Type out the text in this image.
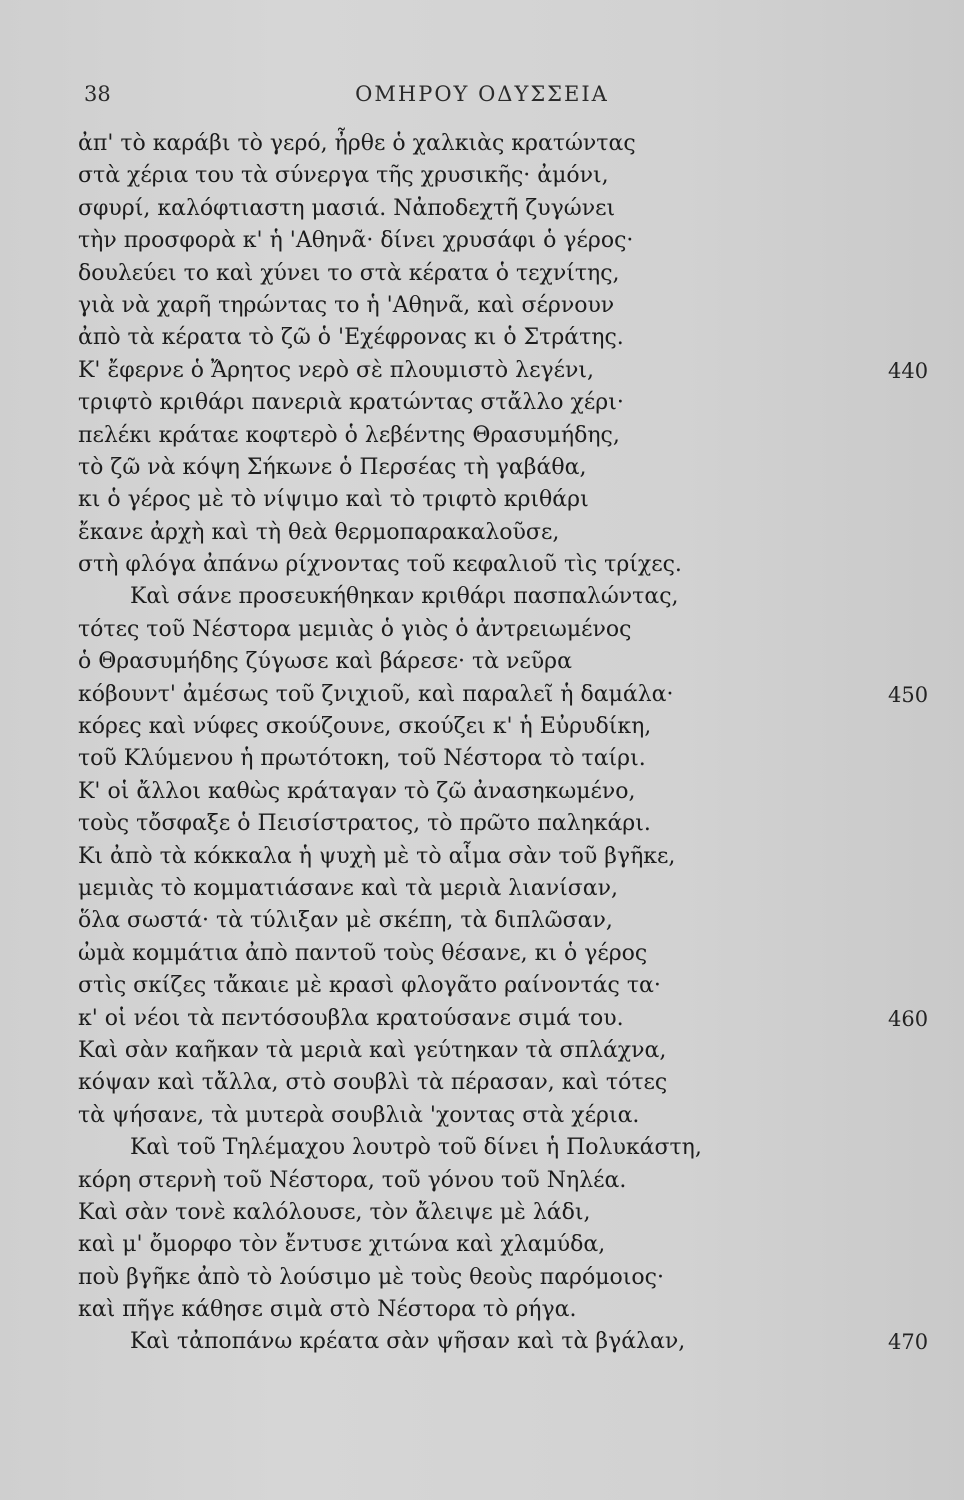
38	ΟΜΗΡΟΥ ΟΔΥΣΣΕΙΑ
ἀπ' τὸ καράβι τὸ γερό, ἦρθε ὁ χαλκιὰς κρατώντας
στὰ χέρια του τὰ σύνεργα τῆς χρυσικῆς· ἀμόνι,
σφυρί, καλόφτιαστη μασιά. Νἀποδεχτῆ ζυγώνει
τὴν προσφορὰ κ' ἡ 'Αθηνᾶ· δίνει χρυσάφι ὁ γέρος·
δουλεύει το καὶ χύνει το στὰ κέρατα ὁ τεχνίτης,
γιὰ νὰ χαρῆ τηρώντας το ἡ 'Αθηνᾶ, καὶ σέρνουν
ἀπὸ τὰ κέρατα τὸ ζῶ ὁ 'Εχέφρονας κι ὁ Στράτης.
Κ' ἔφερνε ὁ Ἄρητος νερὸ σὲ πλουμιστὸ λεγένι,	440
τριφτὸ κριθάρι πανεριὰ κρατώντας στἄλλο χέρι·
πελέκι κράταε κοφτερὸ ὁ λεβέντης Θρασυμήδης,
τὸ ζῶ νὰ κόψη Σήκωνε ὁ Περσέας τὴ γαβάθα,
κι ὁ γέρος μὲ τὸ νίψιμο καὶ τὸ τριφτὸ κριθάρι
ἔκανε ἀρχὴ καὶ τὴ θεὰ θερμοπαρακαλοῦσε,
στὴ φλόγα ἀπάνω ρίχνοντας τοῦ κεφαλιοῦ τὶς τρίχες.
Καὶ σάνε προσευκήθηκαν κριθάρι πασπαλώντας,
τότες τοῦ Νέστορα μεμιὰς ὁ γιὸς ὁ ἀντρειωμένος
ὁ Θρασυμήδης ζύγωσε καὶ βάρεσε· τὰ νεῦρα
κόβουντ' ἀμέσως τοῦ ζνιχιοῦ, καὶ παραλεῖ ἡ δαμάλα·	450
κόρες καὶ νύφες σκούζουνε, σκούζει κ' ἡ Εὐρυδίκη,
τοῦ Κλύμενου ἡ πρωτότοκη, τοῦ Νέστορα τὸ ταίρι.
Κ' οἱ ἄλλοι καθὼς κράταγαν τὸ ζῶ ἀνασηκωμένο,
τοὺς τὄσφαξε ὁ Πεισίστρατος, τὸ πρῶτο παληκάρι.
Κι ἀπὸ τὰ κόκκαλα ἡ ψυχὴ μὲ τὸ αἷμα σὰν τοῦ βγῆκε,
μεμιὰς τὸ κομματιάσανε καὶ τὰ μεριὰ λιανίσαν,
ὅλα σωστά· τὰ τύλιξαν μὲ σκέπη, τὰ διπλῶσαν,
ὠμὰ κομμάτια ἀπὸ παντοῦ τοὺς θέσανε, κι ὁ γέρος
στὶς σκίζες τἄκαιε μὲ κρασὶ φλογᾶτο ραίνοντάς τα·
κ' οἱ νέοι τὰ πεντόσουβλα κρατούσανε σιμά του.	460
Καὶ σὰν καῆκαν τὰ μεριὰ καὶ γεύτηκαν τὰ σπλάχνα,
κόψαν καὶ τἄλλα, στὸ σουβλὶ τὰ πέρασαν, καὶ τότες
τὰ ψήσανε, τὰ μυτερὰ σουβλιὰ 'χοντας στὰ χέρια.
Καὶ τοῦ Τηλέμαχου λουτρὸ τοῦ δίνει ἡ Πολυκάστη,
κόρη στερνὴ τοῦ Νέστορα, τοῦ γόνου τοῦ Νηλέα.
Καὶ σὰν τονὲ καλόλουσε, τὸν ἄλειψε μὲ λάδι,
καὶ μ' ὄμορφο τὸν ἔντυσε χιτώνα καὶ χλαμύδα,
ποὺ βγῆκε ἀπὸ τὸ λούσιμο μὲ τοὺς θεοὺς παρόμοιος·
καὶ πῆγε κάθησε σιμὰ στὸ Νέστορα τὸ ρήγα.
Καὶ τἀποπάνω κρέατα σὰν ψῆσαν καὶ τὰ βγάλαν,	470
